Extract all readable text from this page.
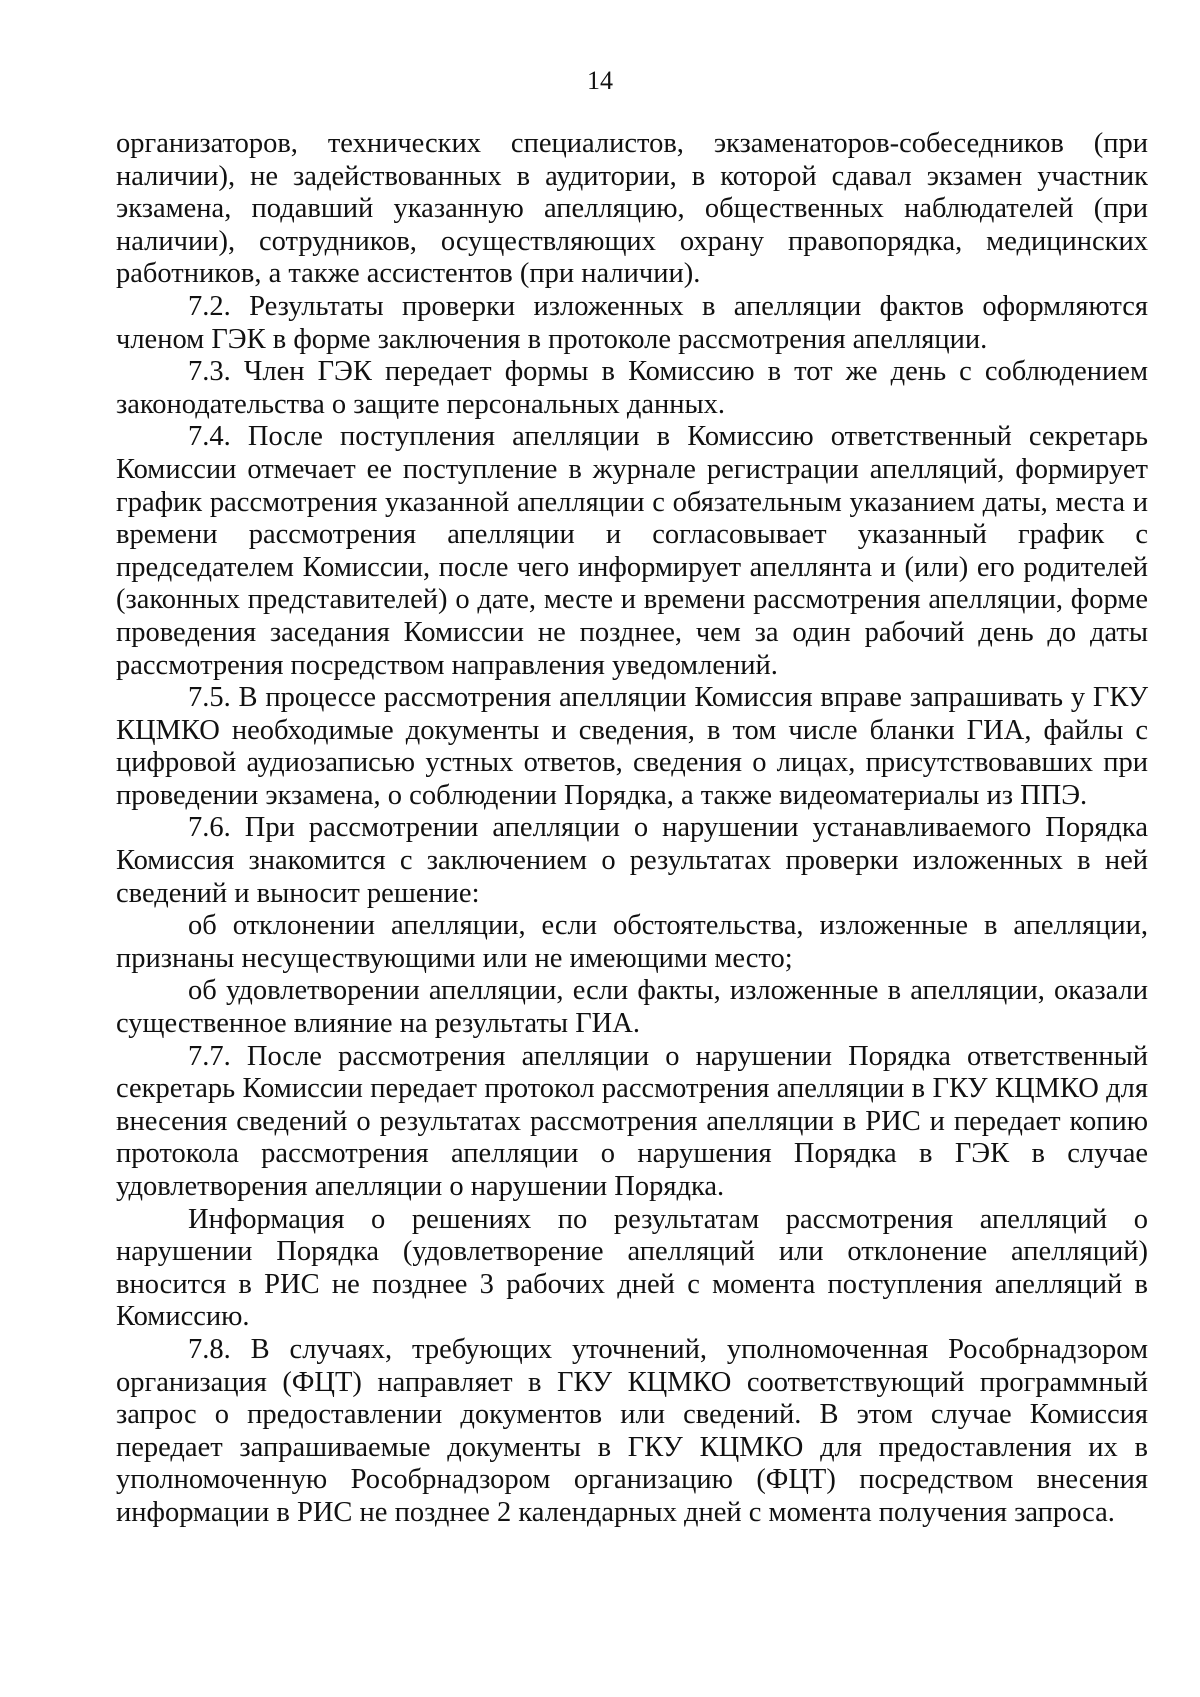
14

организаторов, технических специалистов, экзаменаторов-собеседников (при наличии), не задействованных в аудитории, в которой сдавал экзамен участник экзамена, подавший указанную апелляцию, общественных наблюдателей (при наличии), сотрудников, осуществляющих охрану правопорядка, медицинских работников, а также ассистентов (при наличии).

7.2. Результаты проверки изложенных в апелляции фактов оформляются членом ГЭК в форме заключения в протоколе рассмотрения апелляции.

7.3. Член ГЭК передает формы в Комиссию в тот же день с соблюдением законодательства о защите персональных данных.

7.4. После поступления апелляции в Комиссию ответственный секретарь Комиссии отмечает ее поступление в журнале регистрации апелляций, формирует график рассмотрения указанной апелляции с обязательным указанием даты, места и времени рассмотрения апелляции и согласовывает указанный график с председателем Комиссии, после чего информирует апеллянта и (или) его родителей (законных представителей) о дате, месте и времени рассмотрения апелляции, форме проведения заседания Комиссии не позднее, чем за один рабочий день до даты рассмотрения посредством направления уведомлений.

7.5. В процессе рассмотрения апелляции Комиссия вправе запрашивать у ГКУ КЦМКО необходимые документы и сведения, в том числе бланки ГИА, файлы с цифровой аудиозаписью устных ответов, сведения о лицах, присутствовавших при проведении экзамена, о соблюдении Порядка, а также видеоматериалы из ППЭ.

7.6. При рассмотрении апелляции о нарушении устанавливаемого Порядка Комиссия знакомится с заключением о результатах проверки изложенных в ней сведений и выносит решение:

об отклонении апелляции, если обстоятельства, изложенные в апелляции, признаны несуществующими или не имеющими место;

об удовлетворении апелляции, если факты, изложенные в апелляции, оказали существенное влияние на результаты ГИА.

7.7. После рассмотрения апелляции о нарушении Порядка ответственный секретарь Комиссии передает протокол рассмотрения апелляции в ГКУ КЦМКО для внесения сведений о результатах рассмотрения апелляции в РИС и передает копию протокола рассмотрения апелляции о нарушения Порядка в ГЭК в случае удовлетворения апелляции о нарушении Порядка.

Информация о решениях по результатам рассмотрения апелляций о нарушении Порядка (удовлетворение апелляций или отклонение апелляций) вносится в РИС не позднее 3 рабочих дней с момента поступления апелляций в Комиссию.

7.8. В случаях, требующих уточнений, уполномоченная Рособрнадзором организация (ФЦТ) направляет в ГКУ КЦМКО соответствующий программный запрос о предоставлении документов или сведений. В этом случае Комиссия передает запрашиваемые документы в ГКУ КЦМКО для предоставления их в уполномоченную Рособрнадзором организацию (ФЦТ) посредством внесения информации в РИС не позднее 2 календарных дней с момента получения запроса.
